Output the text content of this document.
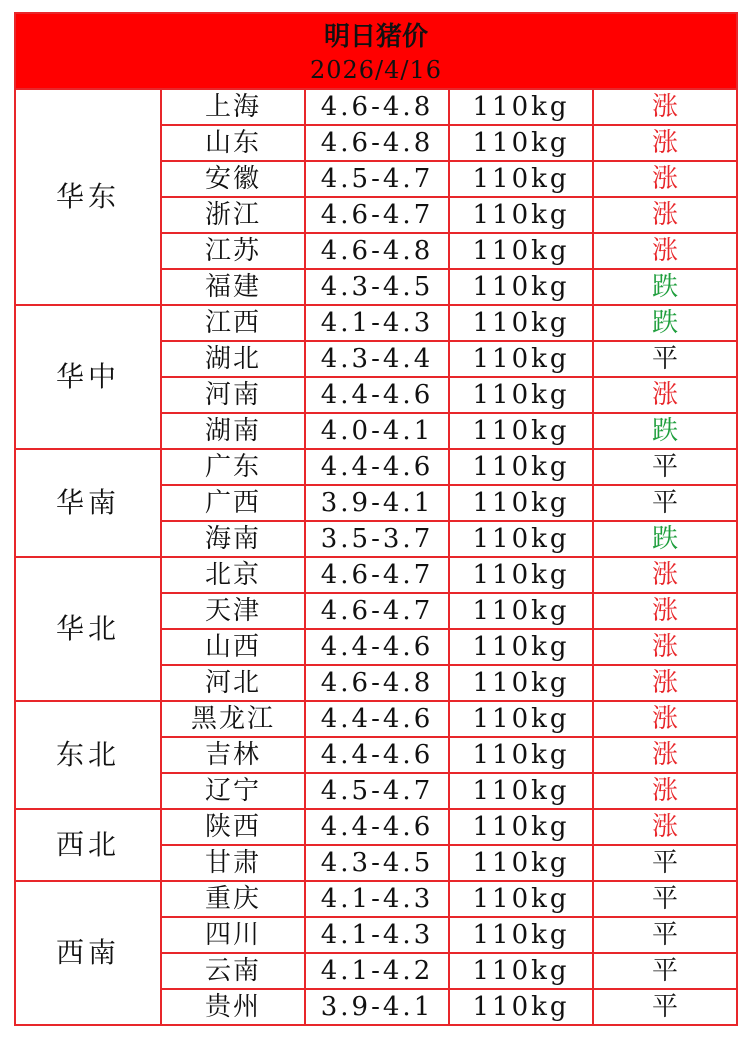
明日猪价
2026/4/16				

华东	上海	4.6-4.8	110kg	涨
	山东	4.6-4.8	110kg	涨
	安徽	4.5-4.7	110kg	涨
	浙江	4.6-4.7	110kg	涨
	江苏	4.6-4.8	110kg	涨
	福建	4.3-4.5	110kg	跌
华中	江西	4.1-4.3	110kg	跌
	湖北	4.3-4.4	110kg	平
	河南	4.4-4.6	110kg	涨
	湖南	4.0-4.1	110kg	跌
华南	广东	4.4-4.6	110kg	平
	广西	3.9-4.1	110kg	平
	海南	3.5-3.7	110kg	跌
华北	北京	4.6-4.7	110kg	涨
	天津	4.6-4.7	110kg	涨
	山西	4.4-4.6	110kg	涨
	河北	4.6-4.8	110kg	涨
东北	黑龙江	4.4-4.6	110kg	涨
	吉林	4.4-4.6	110kg	涨
	辽宁	4.5-4.7	110kg	涨
西北	陕西	4.4-4.6	110kg	涨
	甘肃	4.3-4.5	110kg	平
西南	重庆	4.1-4.3	110kg	平
	四川	4.1-4.3	110kg	平
	云南	4.1-4.2	110kg	平
	贵州	3.9-4.1	110kg	平
